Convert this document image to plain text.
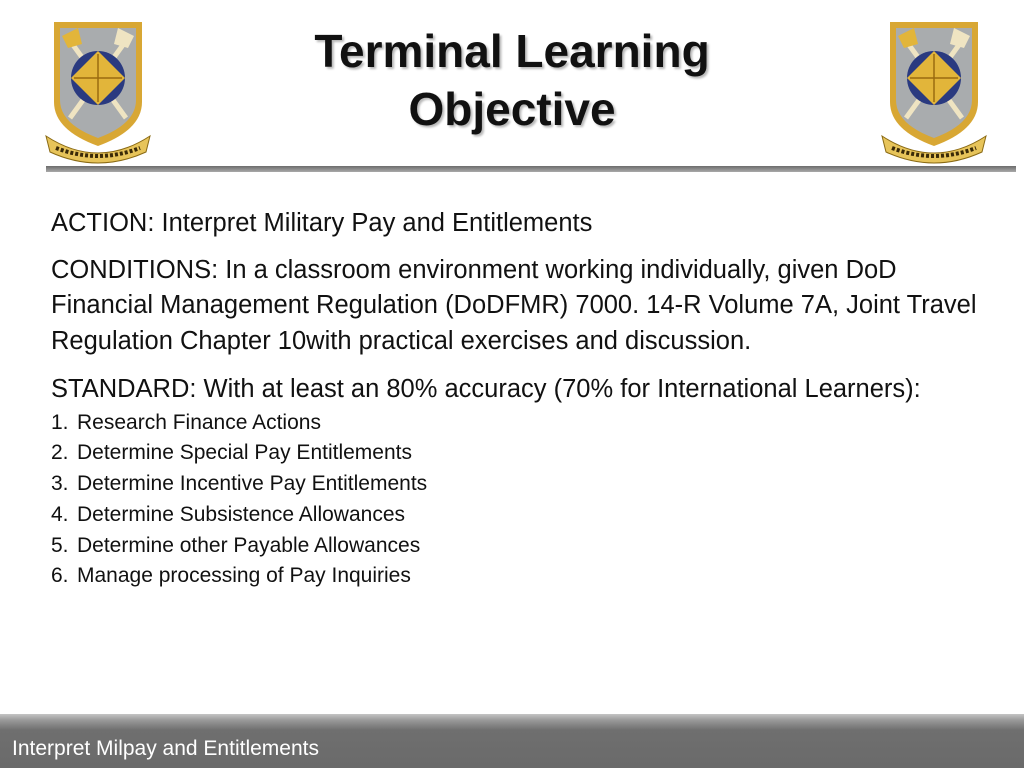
Terminal Learning Objective

ACTION: Interpret Military Pay and Entitlements

CONDITIONS: In a classroom environment working individually, given DoD Financial Management Regulation (DoDFMR) 7000. 14-R Volume 7A, Joint Travel Regulation Chapter 10with practical exercises and discussion.

STANDARD: With at least an 80% accuracy (70% for International Learners):

1. Research Finance Actions
2. Determine Special Pay Entitlements
3. Determine Incentive Pay Entitlements
4. Determine Subsistence Allowances
5. Determine other Payable Allowances
6. Manage processing of Pay Inquiries
Interpret Milpay and Entitlements
